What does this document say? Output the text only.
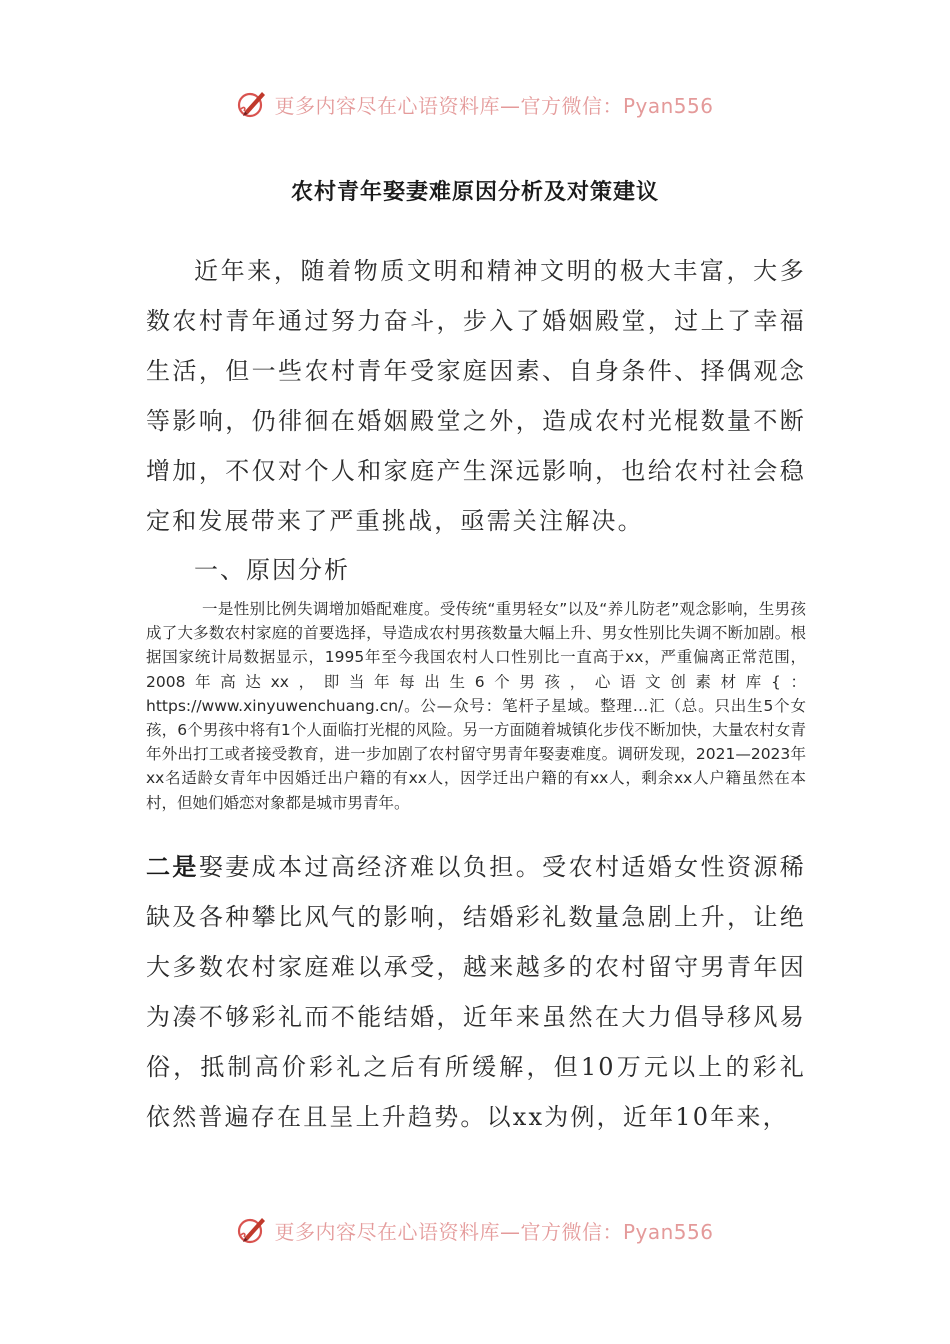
更多内容尽在心语资料库—官方微信：Pyan556
农村青年娶妻难原因分析及对策建议

近年来，随着物质文明和精神文明的极大丰富，大多数农村青年通过努力奋斗，步入了婚姻殿堂，过上了幸福生活，但一些农村青年受家庭因素、自身条件、择偶观念等影响，仍徘徊在婚姻殿堂之外，造成农村光棍数量不断增加，不仅对个人和家庭产生深远影响，也给农村社会稳定和发展带来了严重挑战，亟需关注解决。

一、原因分析

一是性别比例失调增加婚配难度。受传统“重男轻女”以及“养儿防老”观念影响，生男孩成了大多数农村家庭的首要选择，导造成农村男孩数量大幅上升、男女性别比失调不断加剧。根据国家统计局数据显示，1995年至今我国农村人口性别比一直高于xx，严重偏离正常范围，2008年高达xx，即当年每出生6个男孩，心语文创素材库{：https://www.xinyuwenchuang.cn/。公—众号：笔杆子星域。整理…汇（总。只出生5个女孩，6个男孩中将有1个人面临打光棍的风险。另一方面随着城镇化步伐不断加快，大量农村女青年外出打工或者接受教育，进一步加剧了农村留守男青年娶妻难度。调研发现，2021—2023年xx名适龄女青年中因婚迁出户籍的有xx人，因学迁出户籍的有xx人，剩余xx人户籍虽然在本村，但她们婚恋对象都是城市男青年。

二是娶妻成本过高经济难以负担。受农村适婚女性资源稀缺及各种攀比风气的影响，结婚彩礼数量急剧上升，让绝大多数农村家庭难以承受，越来越多的农村留守男青年因为凑不够彩礼而不能结婚，近年来虽然在大力倡导移风易俗，抵制高价彩礼之后有所缓解，但10万元以上的彩礼依然普遍存在且呈上升趋势。以xx为例，近年10年来，

更多内容尽在心语资料库—官方微信：Pyan556
